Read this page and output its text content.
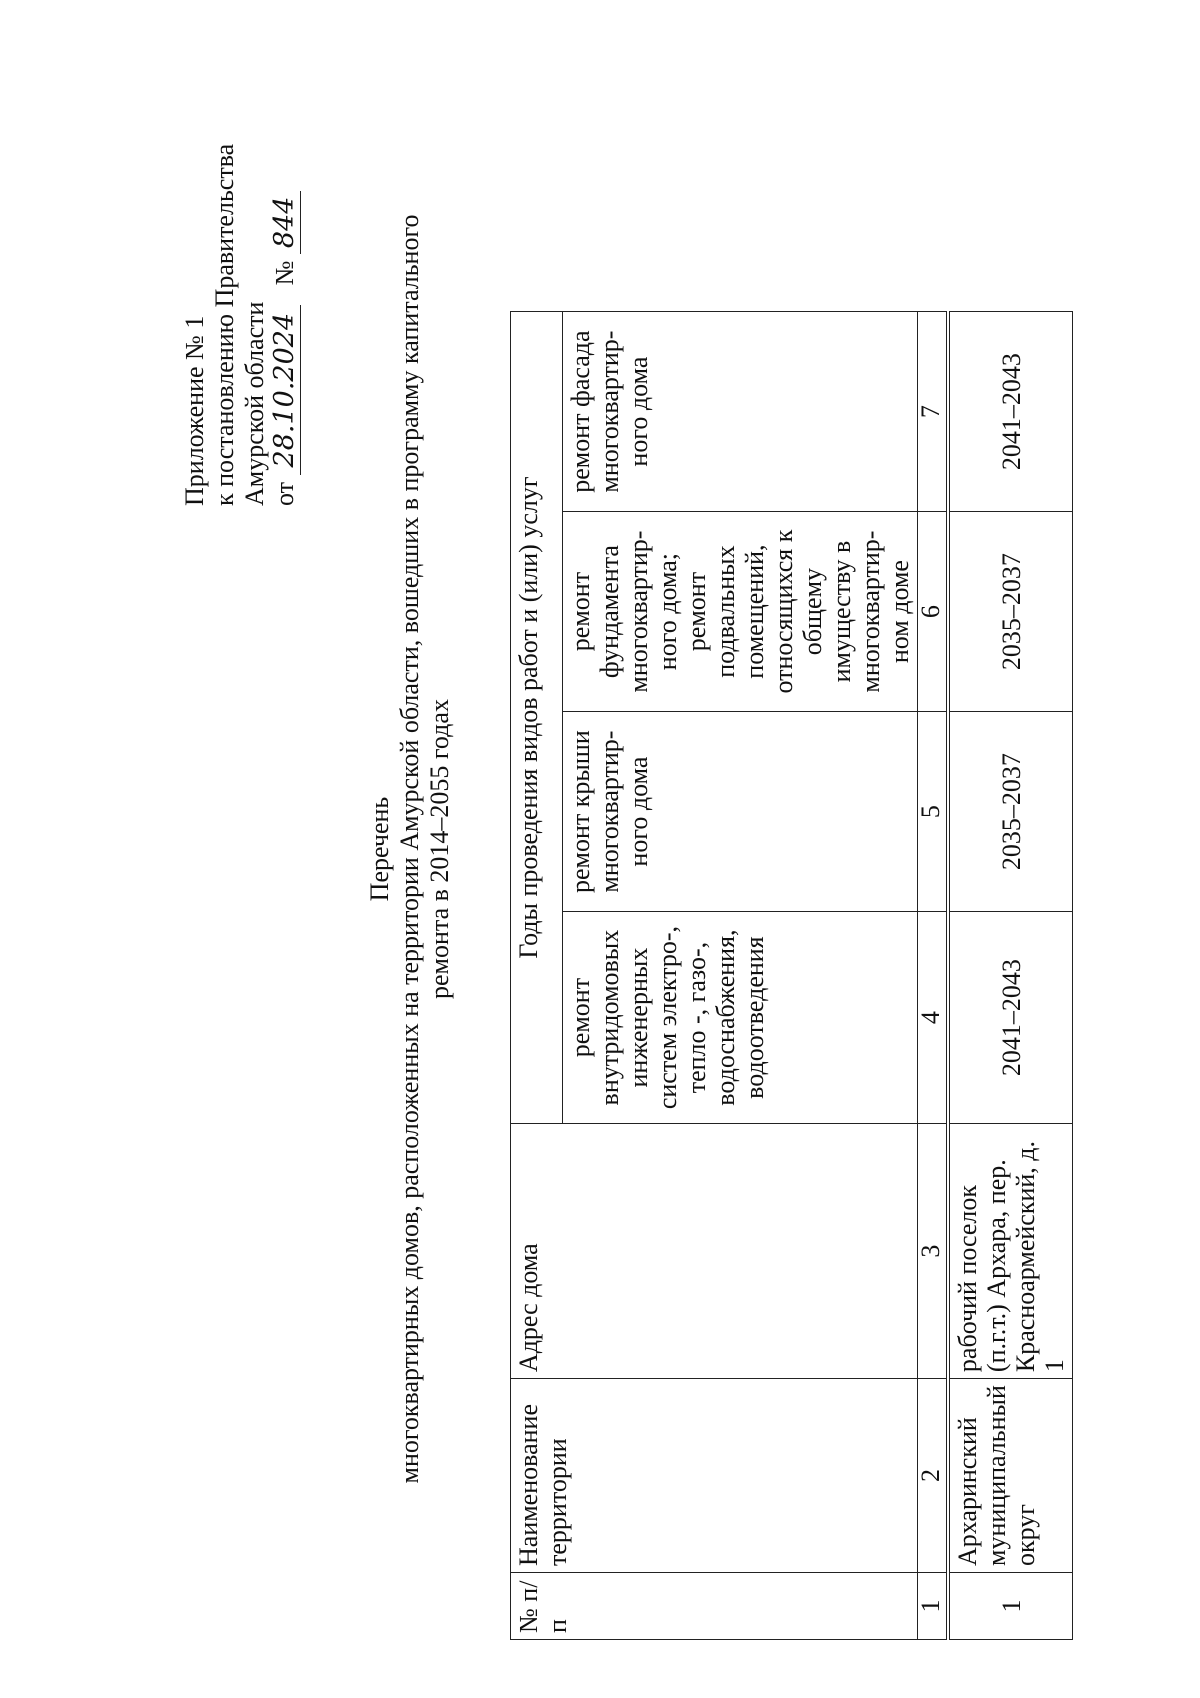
Приложение № 1 к постановлению Правительства Амурской области от 28.10.2024   № 844
Перечень многоквартирных домов, расположенных на территории Амурской области, вошедших в программу капитального ремонта в 2014–2055 годах
№ п/п	Наименование территории	Адрес дома	Годы проведения видов работ и (или) услуг			
			ремонт внутридомовых инженерных систем электро-, тепло -, газо-, водоснабжения, водоотведения	ремонт крыши многоквартир-ного дома	ремонт фундамента многоквартир-ного дома; ремонт подвальных помещений, относящихся к общему имуществу в многоквартир-ном доме	ремонт фасада многоквартир-ного дома
1	2	3	4	5	6	7
1	Архаринский муниципальный округ	рабочий поселок (п.г.т.) Архара, пер. Красноармейский, д. 1	2041–2043	2035–2037	2035–2037	2041–2043
